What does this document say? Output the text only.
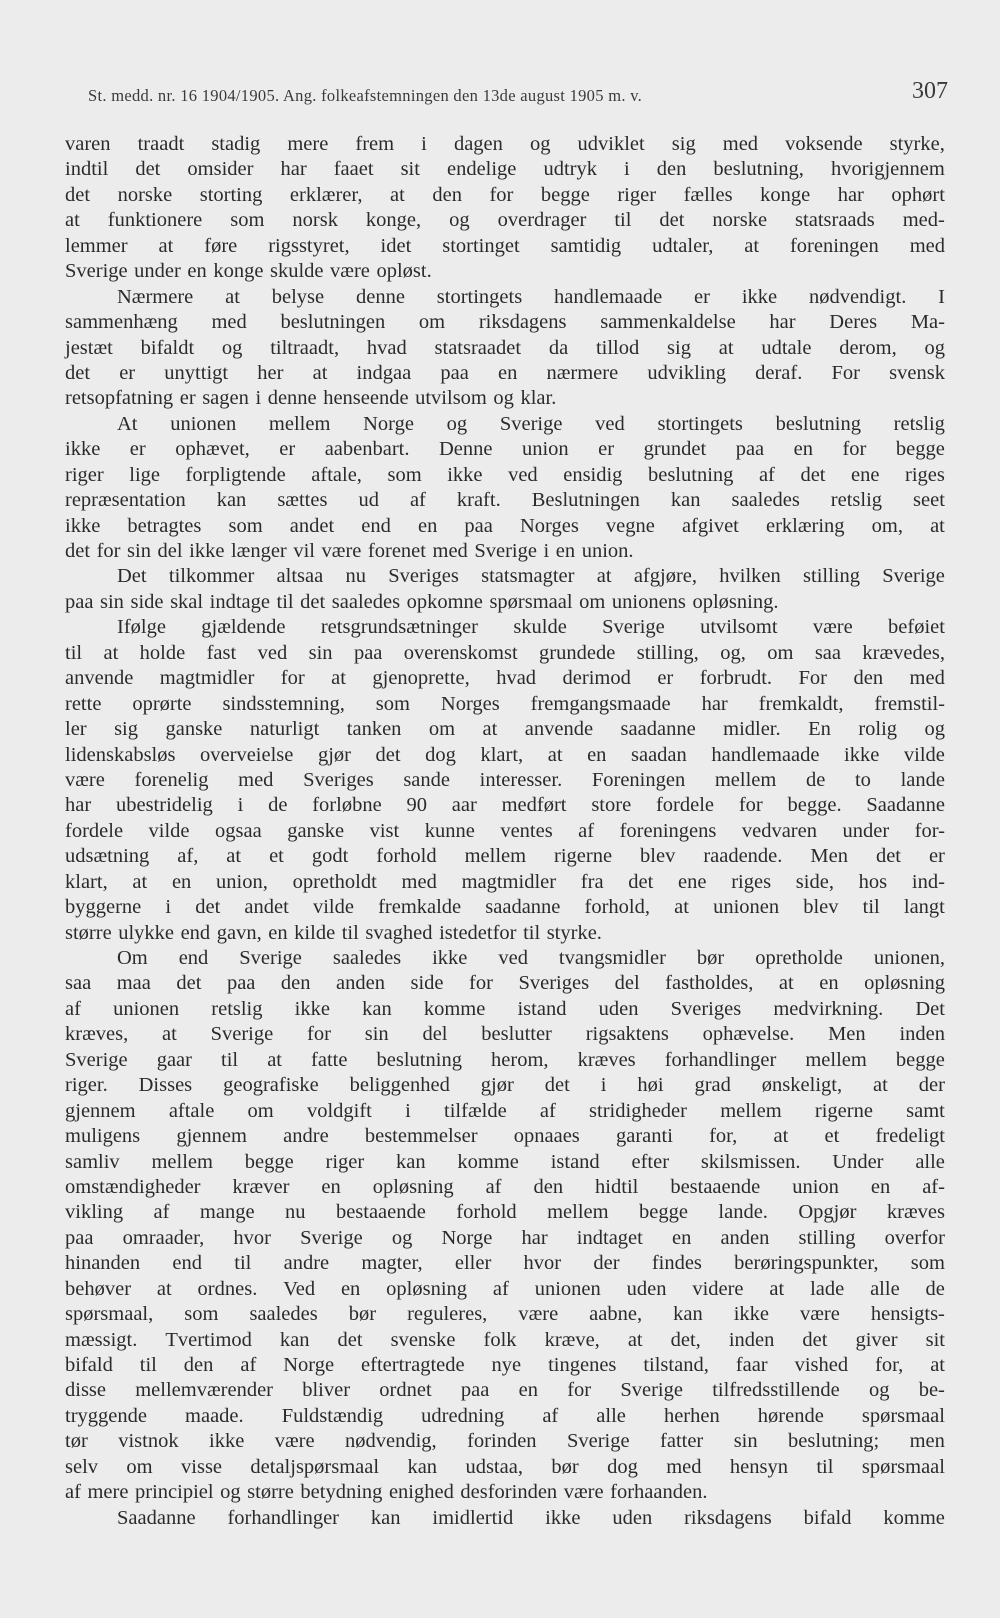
St. medd. nr. 16 1904/1905. Ang. folkeafstemningen den 13de august 1905 m. v.	307
varen traadt stadig mere frem i dagen og udviklet sig med voksende styrke,
indtil det omsider har faaet sit endelige udtryk i den beslutning, hvorigjennem
det norske storting erklærer, at den for begge riger fælles konge har ophørt
at funktionere som norsk konge, og overdrager til det norske statsraads med-
lemmer at føre rigsstyret, idet stortinget samtidig udtaler, at foreningen med
Sverige under en konge skulde være opløst.
Nærmere at belyse denne stortingets handlemaade er ikke nødvendigt. I
sammenhæng med beslutningen om riksdagens sammenkaldelse har Deres Ma-
jestæt bifaldt og tiltraadt, hvad statsraadet da tillod sig at udtale derom, og
det er unyttigt her at indgaa paa en nærmere udvikling deraf. For svensk
retsopfatning er sagen i denne henseende utvilsom og klar.
At unionen mellem Norge og Sverige ved stortingets beslutning retslig
ikke er ophævet, er aabenbart. Denne union er grundet paa en for begge
riger lige forpligtende aftale, som ikke ved ensidig beslutning af det ene riges
repræsentation kan sættes ud af kraft. Beslutningen kan saaledes retslig seet
ikke betragtes som andet end en paa Norges vegne afgivet erklæring om, at
det for sin del ikke længer vil være forenet med Sverige i en union.
Det tilkommer altsaa nu Sveriges statsmagter at afgjøre, hvilken stilling Sverige
paa sin side skal indtage til det saaledes opkomne spørsmaal om unionens opløsning.
Ifølge gjældende retsgrundsætninger skulde Sverige utvilsomt være beføiet
til at holde fast ved sin paa overenskomst grundede stilling, og, om saa krævedes,
anvende magtmidler for at gjenoprette, hvad derimod er forbrudt. For den med
rette oprørte sindsstemning, som Norges fremgangsmaade har fremkaldt, fremstil-
ler sig ganske naturligt tanken om at anvende saadanne midler. En rolig og
lidenskabsløs overveielse gjør det dog klart, at en saadan handlemaade ikke vilde
være forenelig med Sveriges sande interesser. Foreningen mellem de to lande
har ubestridelig i de forløbne 90 aar medført store fordele for begge. Saadanne
fordele vilde ogsaa ganske vist kunne ventes af foreningens vedvaren under for-
udsætning af, at et godt forhold mellem rigerne blev raadende. Men det er
klart, at en union, opretholdt med magtmidler fra det ene riges side, hos ind-
byggerne i det andet vilde fremkalde saadanne forhold, at unionen blev til langt
større ulykke end gavn, en kilde til svaghed istedetfor til styrke.
Om end Sverige saaledes ikke ved tvangsmidler bør opretholde unionen,
saa maa det paa den anden side for Sveriges del fastholdes, at en opløsning
af unionen retslig ikke kan komme istand uden Sveriges medvirkning. Det
kræves, at Sverige for sin del beslutter rigsaktens ophævelse. Men inden
Sverige gaar til at fatte beslutning herom, kræves forhandlinger mellem begge
riger. Disses geografiske beliggenhed gjør det i høi grad ønskeligt, at der
gjennem aftale om voldgift i tilfælde af stridigheder mellem rigerne samt
muligens gjennem andre bestemmelser opnaaes garanti for, at et fredeligt
samliv mellem begge riger kan komme istand efter skilsmissen. Under alle
omstændigheder kræver en opløsning af den hidtil bestaaende union en af-
vikling af mange nu bestaaende forhold mellem begge lande. Opgjør kræves
paa omraader, hvor Sverige og Norge har indtaget en anden stilling overfor
hinanden end til andre magter, eller hvor der findes berøringspunkter, som
behøver at ordnes. Ved en opløsning af unionen uden videre at lade alle de
spørsmaal, som saaledes bør reguleres, være aabne, kan ikke være hensigts-
mæssigt. Tvertimod kan det svenske folk kræve, at det, inden det giver sit
bifald til den af Norge eftertragtede nye tingenes tilstand, faar vished for, at
disse mellemværender bliver ordnet paa en for Sverige tilfredsstillende og be-
tryggende maade. Fuldstændig udredning af alle herhen hørende spørsmaal
tør vistnok ikke være nødvendig, forinden Sverige fatter sin beslutning; men
selv om visse detaljspørsmaal kan udstaa, bør dog med hensyn til spørsmaal
af mere principiel og større betydning enighed desforinden være forhaanden.
Saadanne forhandlinger kan imidlertid ikke uden riksdagens bifald komme
